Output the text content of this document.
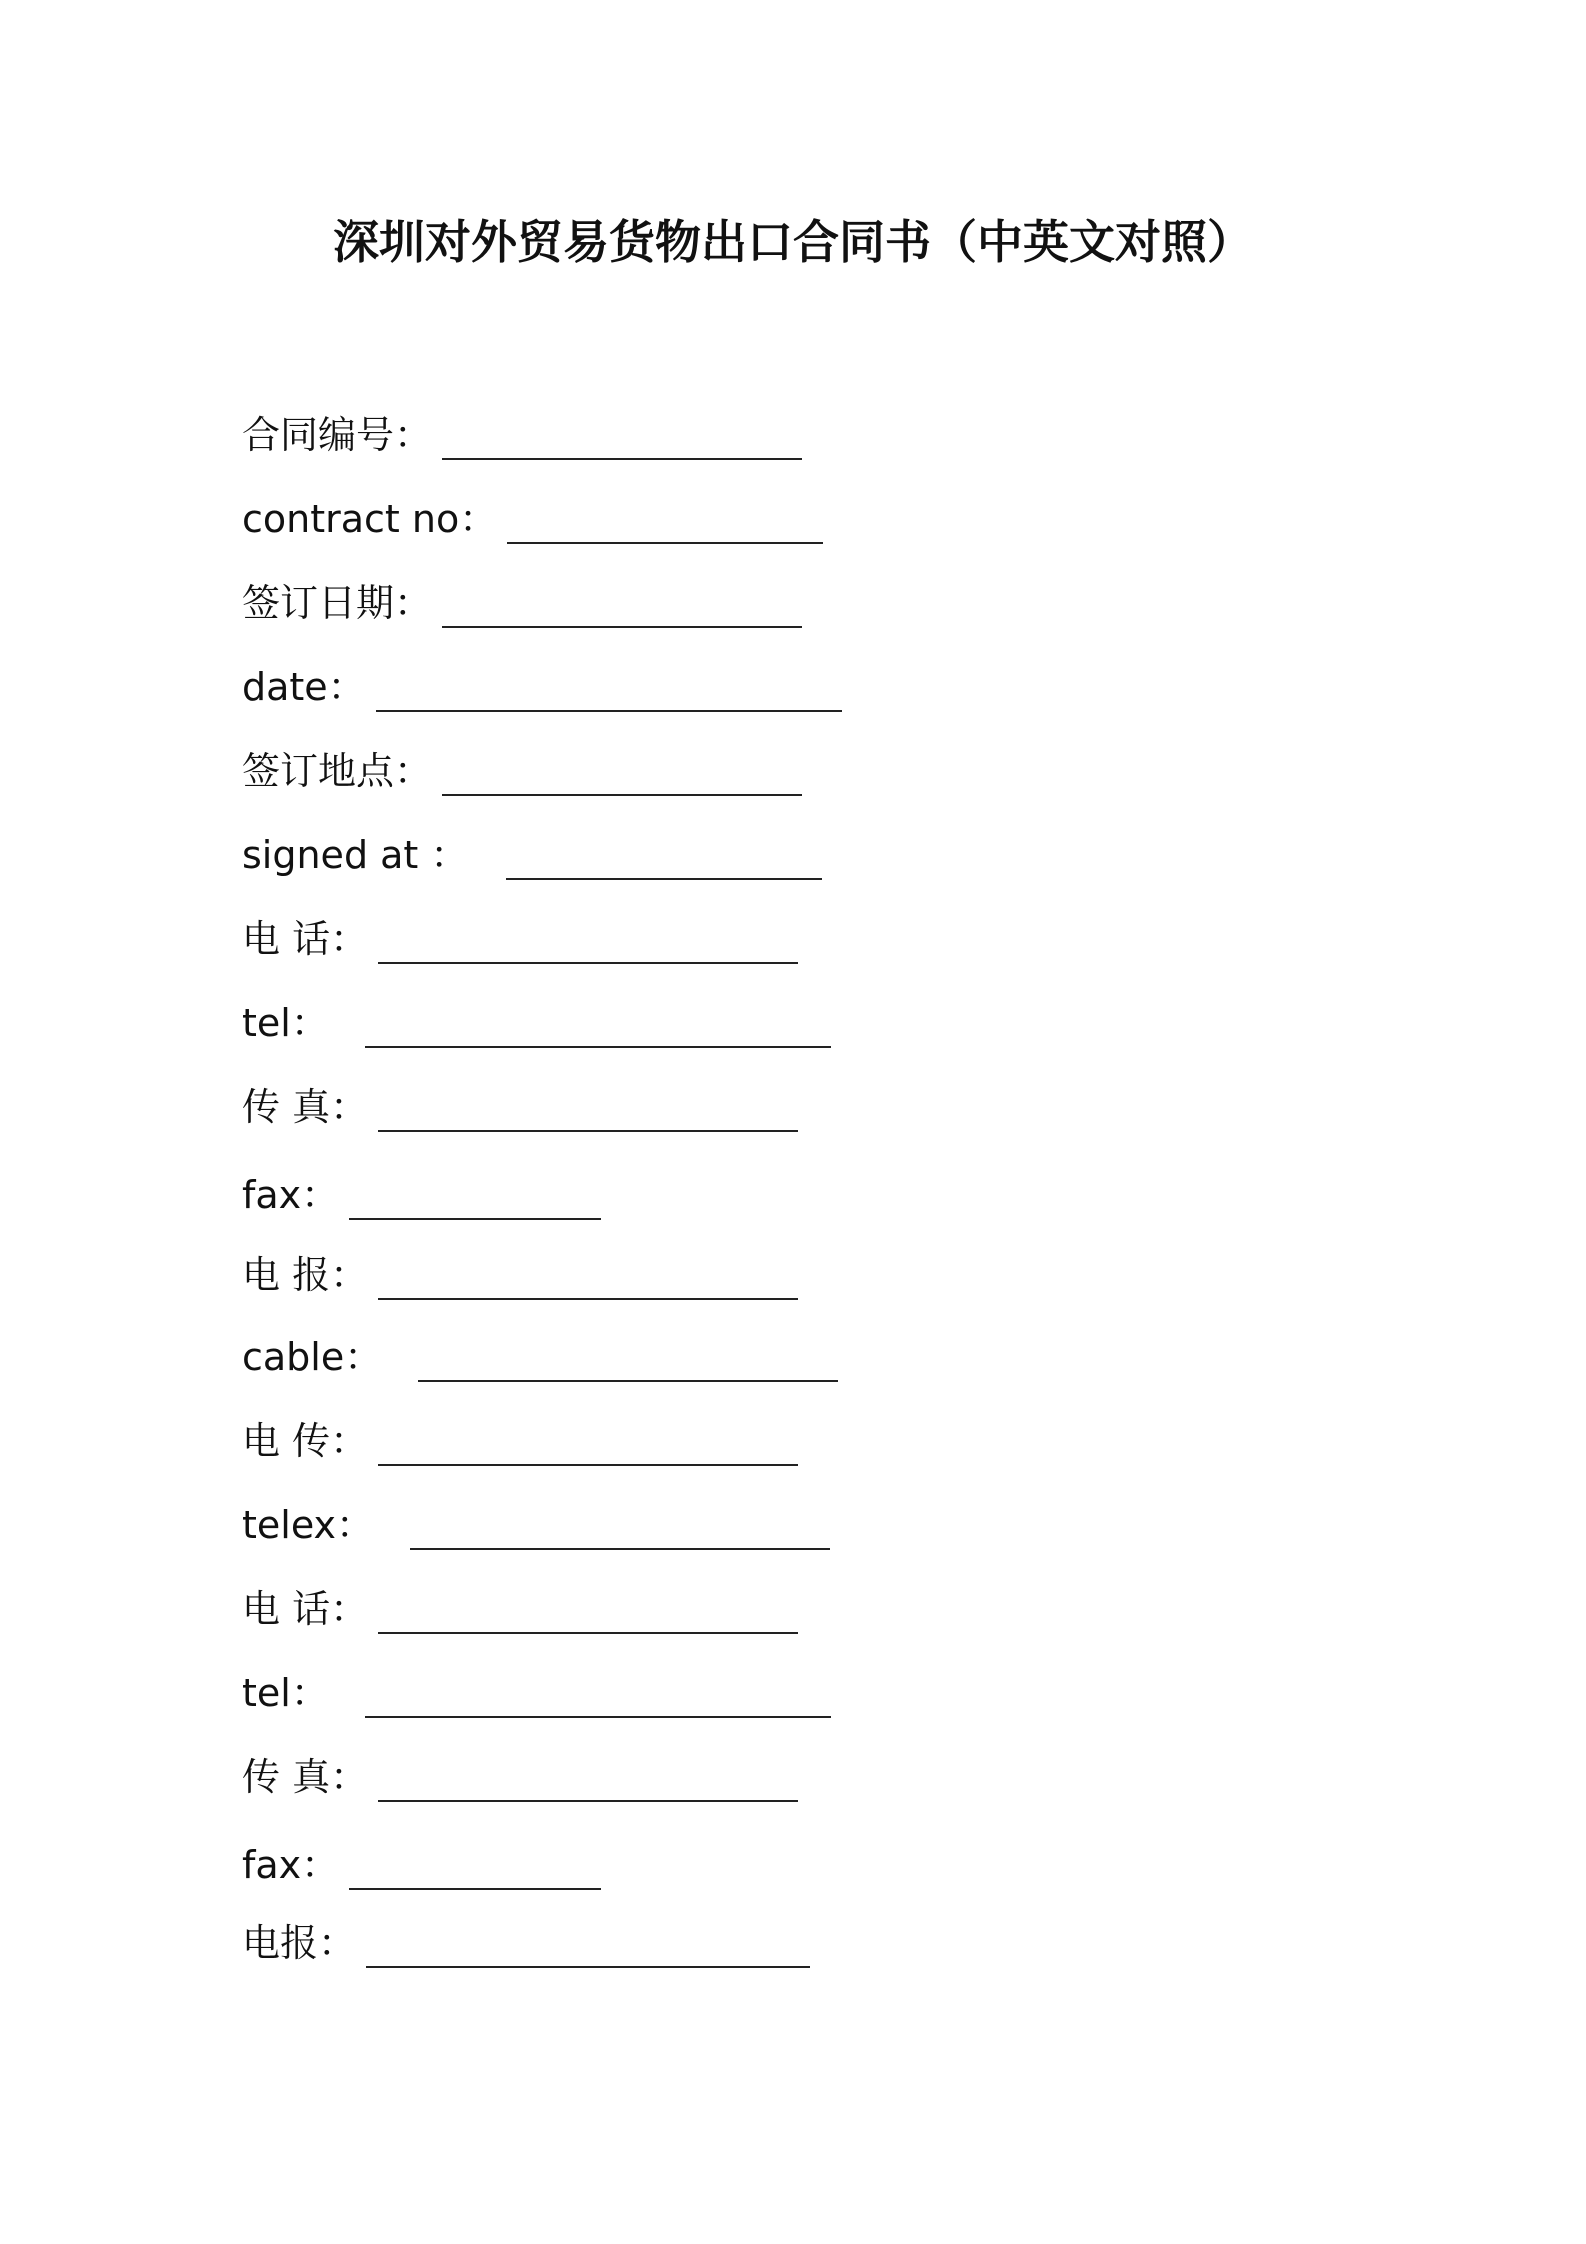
深圳对外贸易货物出口合同书（中英文对照）
合同编号：
contract no：
签订日期：
date：
签订地点：
signed at ：
电 话：
tel：
传 真：
fax：
电 报：
cable：
电 传：
telex：
电 话：
tel：
传 真：
fax：
电报：
